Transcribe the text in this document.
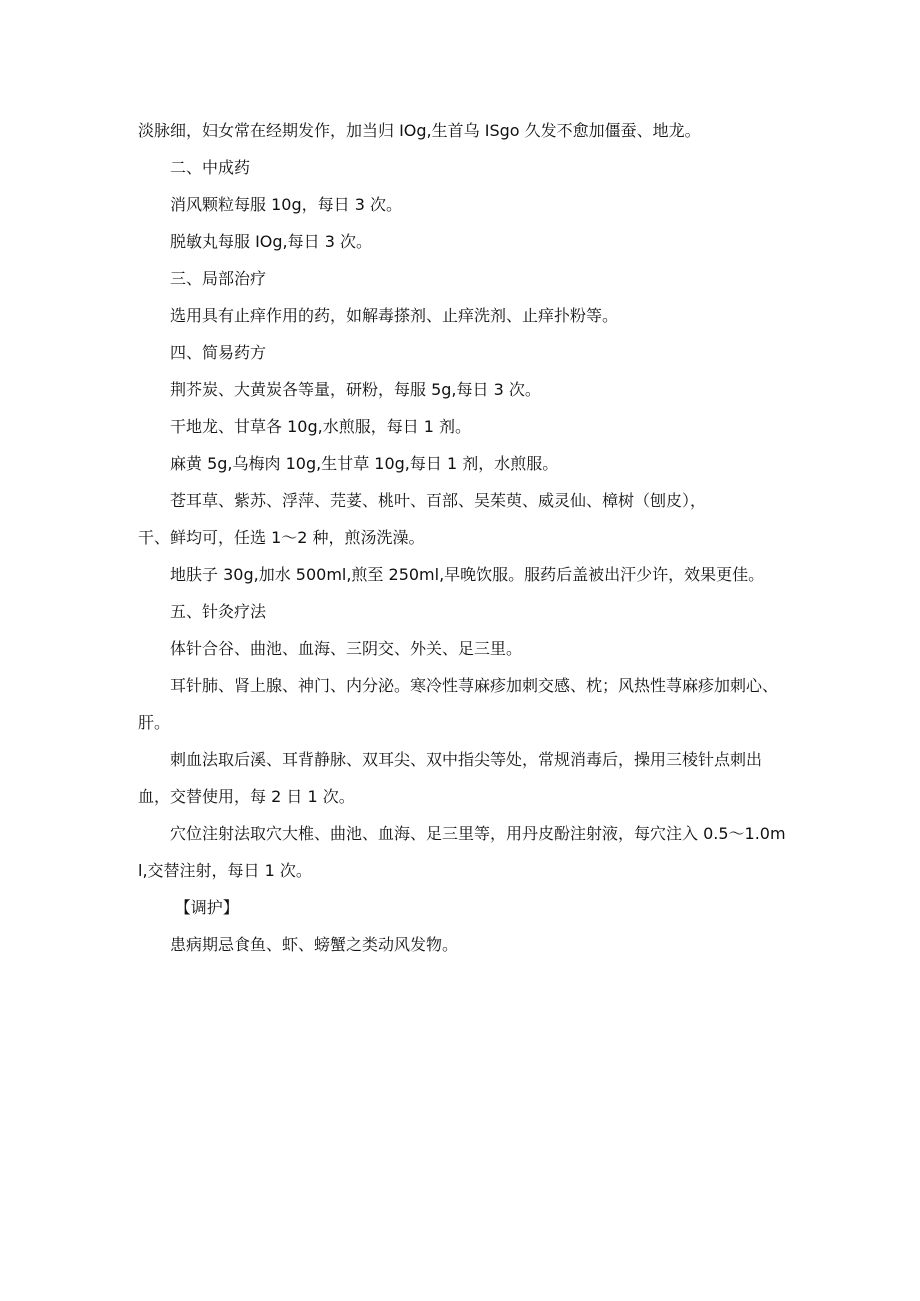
淡脉细，妇女常在经期发作，加当归 IOg,生首乌 ISgo 久发不愈加僵蚕、地龙。

二、中成药

消风颗粒每服 10g，每日 3 次。

脱敏丸每服 IOg,每日 3 次。

三、局部治疗

选用具有止痒作用的药，如解毒搽剂、止痒洗剂、止痒扑粉等。

四、简易药方

荆芥炭、大黄炭各等量，研粉，每服 5g,每日 3 次。

干地龙、甘草各 10g,水煎服，每日 1 剂。

麻黄 5g,乌梅肉 10g,生甘草 10g,每日 1 剂，水煎服。

苍耳草、紫苏、浮萍、芫荽、桃叶、百部、吴茱萸、威灵仙、樟树（刨皮），

干、鲜均可，任选 1～2 种，煎汤洗澡。

地肤子 30g,加水 500ml,煎至 250ml,早晚饮服。服药后盖被出汗少许，效果更佳。

五、针灸疗法

体针合谷、曲池、血海、三阴交、外关、足三里。

耳针肺、肾上腺、神门、内分泌。寒冷性荨麻疹加刺交感、枕；风热性荨麻疹加刺心、肝。

刺血法取后溪、耳背静脉、双耳尖、双中指尖等处，常规消毒后，操用三棱针点刺出血，交替使用，每 2 日 1 次。

穴位注射法取穴大椎、曲池、血海、足三里等，用丹皮酚注射液，每穴注入 0.5～1.0ml,交替注射，每日 1 次。

【调护】

患病期忌食鱼、虾、螃蟹之类动风发物。
